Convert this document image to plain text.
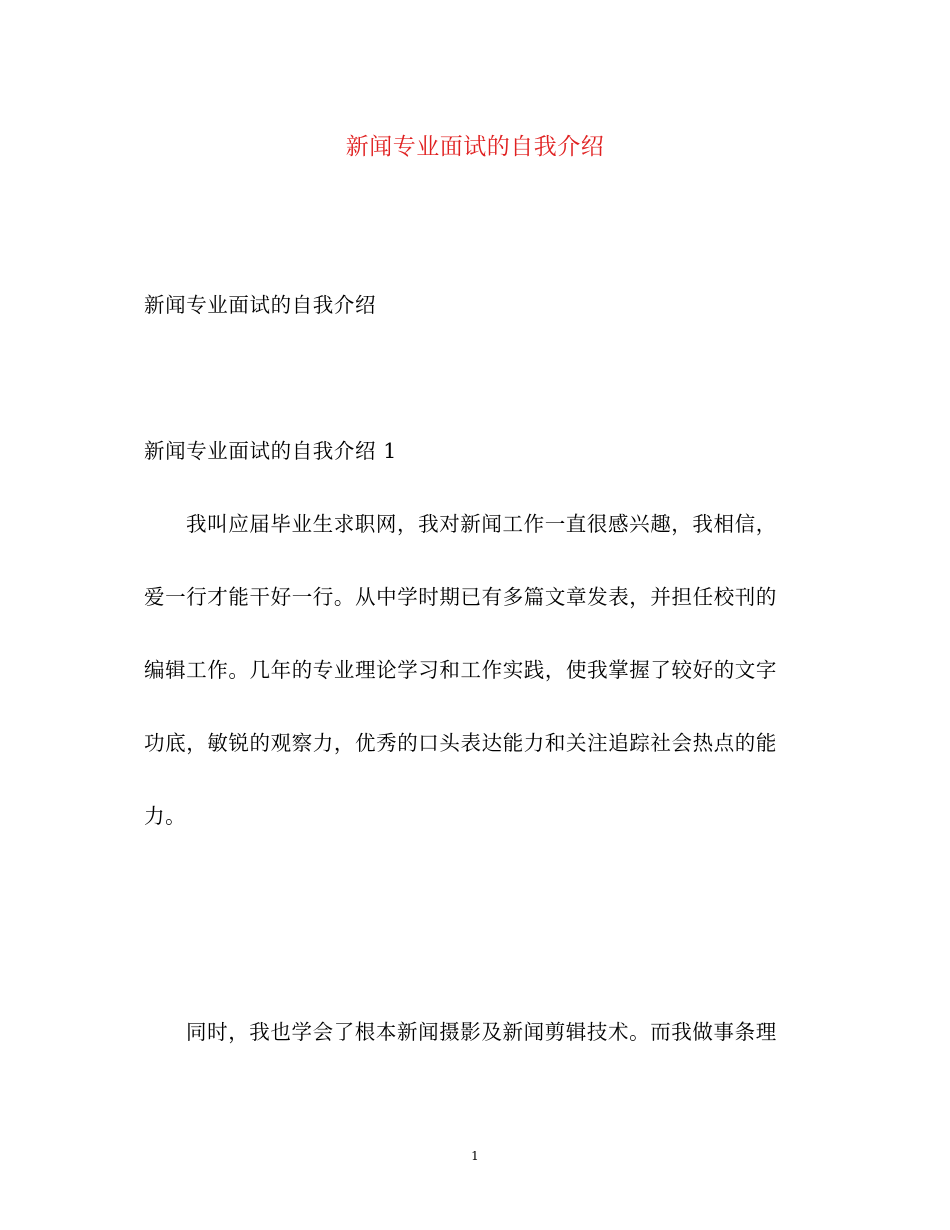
新闻专业面试的自我介绍
新闻专业面试的自我介绍
新闻专业面试的自我介绍 1
我叫应届毕业生求职网，我对新闻工作一直很感兴趣，我相信，
爱一行才能干好一行。从中学时期已有多篇文章发表，并担任校刊的
编辑工作。几年的专业理论学习和工作实践，使我掌握了较好的文字
功底，敏锐的观察力，优秀的口头表达能力和关注追踪社会热点的能
力。
同时，我也学会了根本新闻摄影及新闻剪辑技术。而我做事条理
1
